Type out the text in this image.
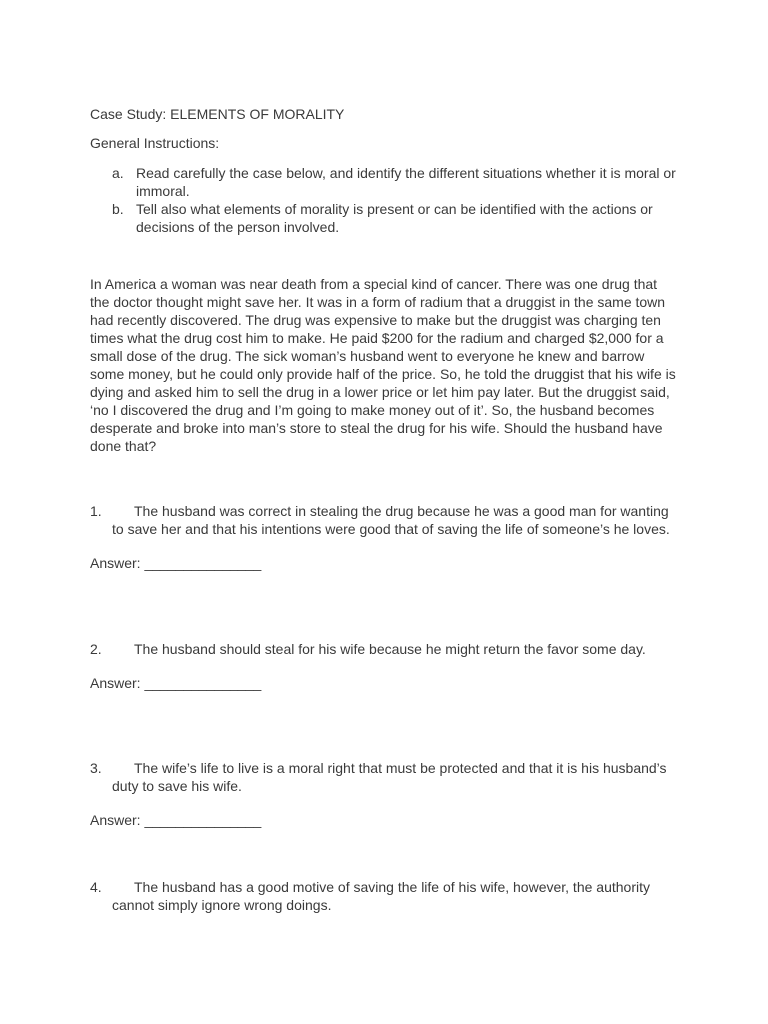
Case Study: ELEMENTS OF MORALITY
General Instructions:
a. Read carefully the case below, and identify the different situations whether it is moral or immoral.
b. Tell also what elements of morality is present or can be identified with the actions or decisions of the person involved.
In America a woman was near death from a special kind of cancer. There was one drug that the doctor thought might save her. It was in a form of radium that a druggist in the same town had recently discovered. The drug was expensive to make but the druggist was charging ten times what the drug cost him to make. He paid $200 for the radium and charged $2,000 for a small dose of the drug. The sick woman’s husband went to everyone he knew and barrow some money, but he could only provide half of the price. So, he told the druggist that his wife is dying and asked him to sell the drug in a lower price or let him pay later. But the druggist said, ‘no I discovered the drug and I’m going to make money out of it’. So, the husband becomes desperate and broke into man’s store to steal the drug for his wife. Should the husband have done that?
1. The husband was correct in stealing the drug because he was a good man for wanting to save her and that his intentions were good that of saving the life of someone’s he loves.
Answer: _______________
2. The husband should steal for his wife because he might return the favor some day.
Answer: _______________
3. The wife’s life to live is a moral right that must be protected and that it is his husband’s duty to save his wife.
Answer: _______________
4. The husband has a good motive of saving the life of his wife, however, the authority cannot simply ignore wrong doings.
